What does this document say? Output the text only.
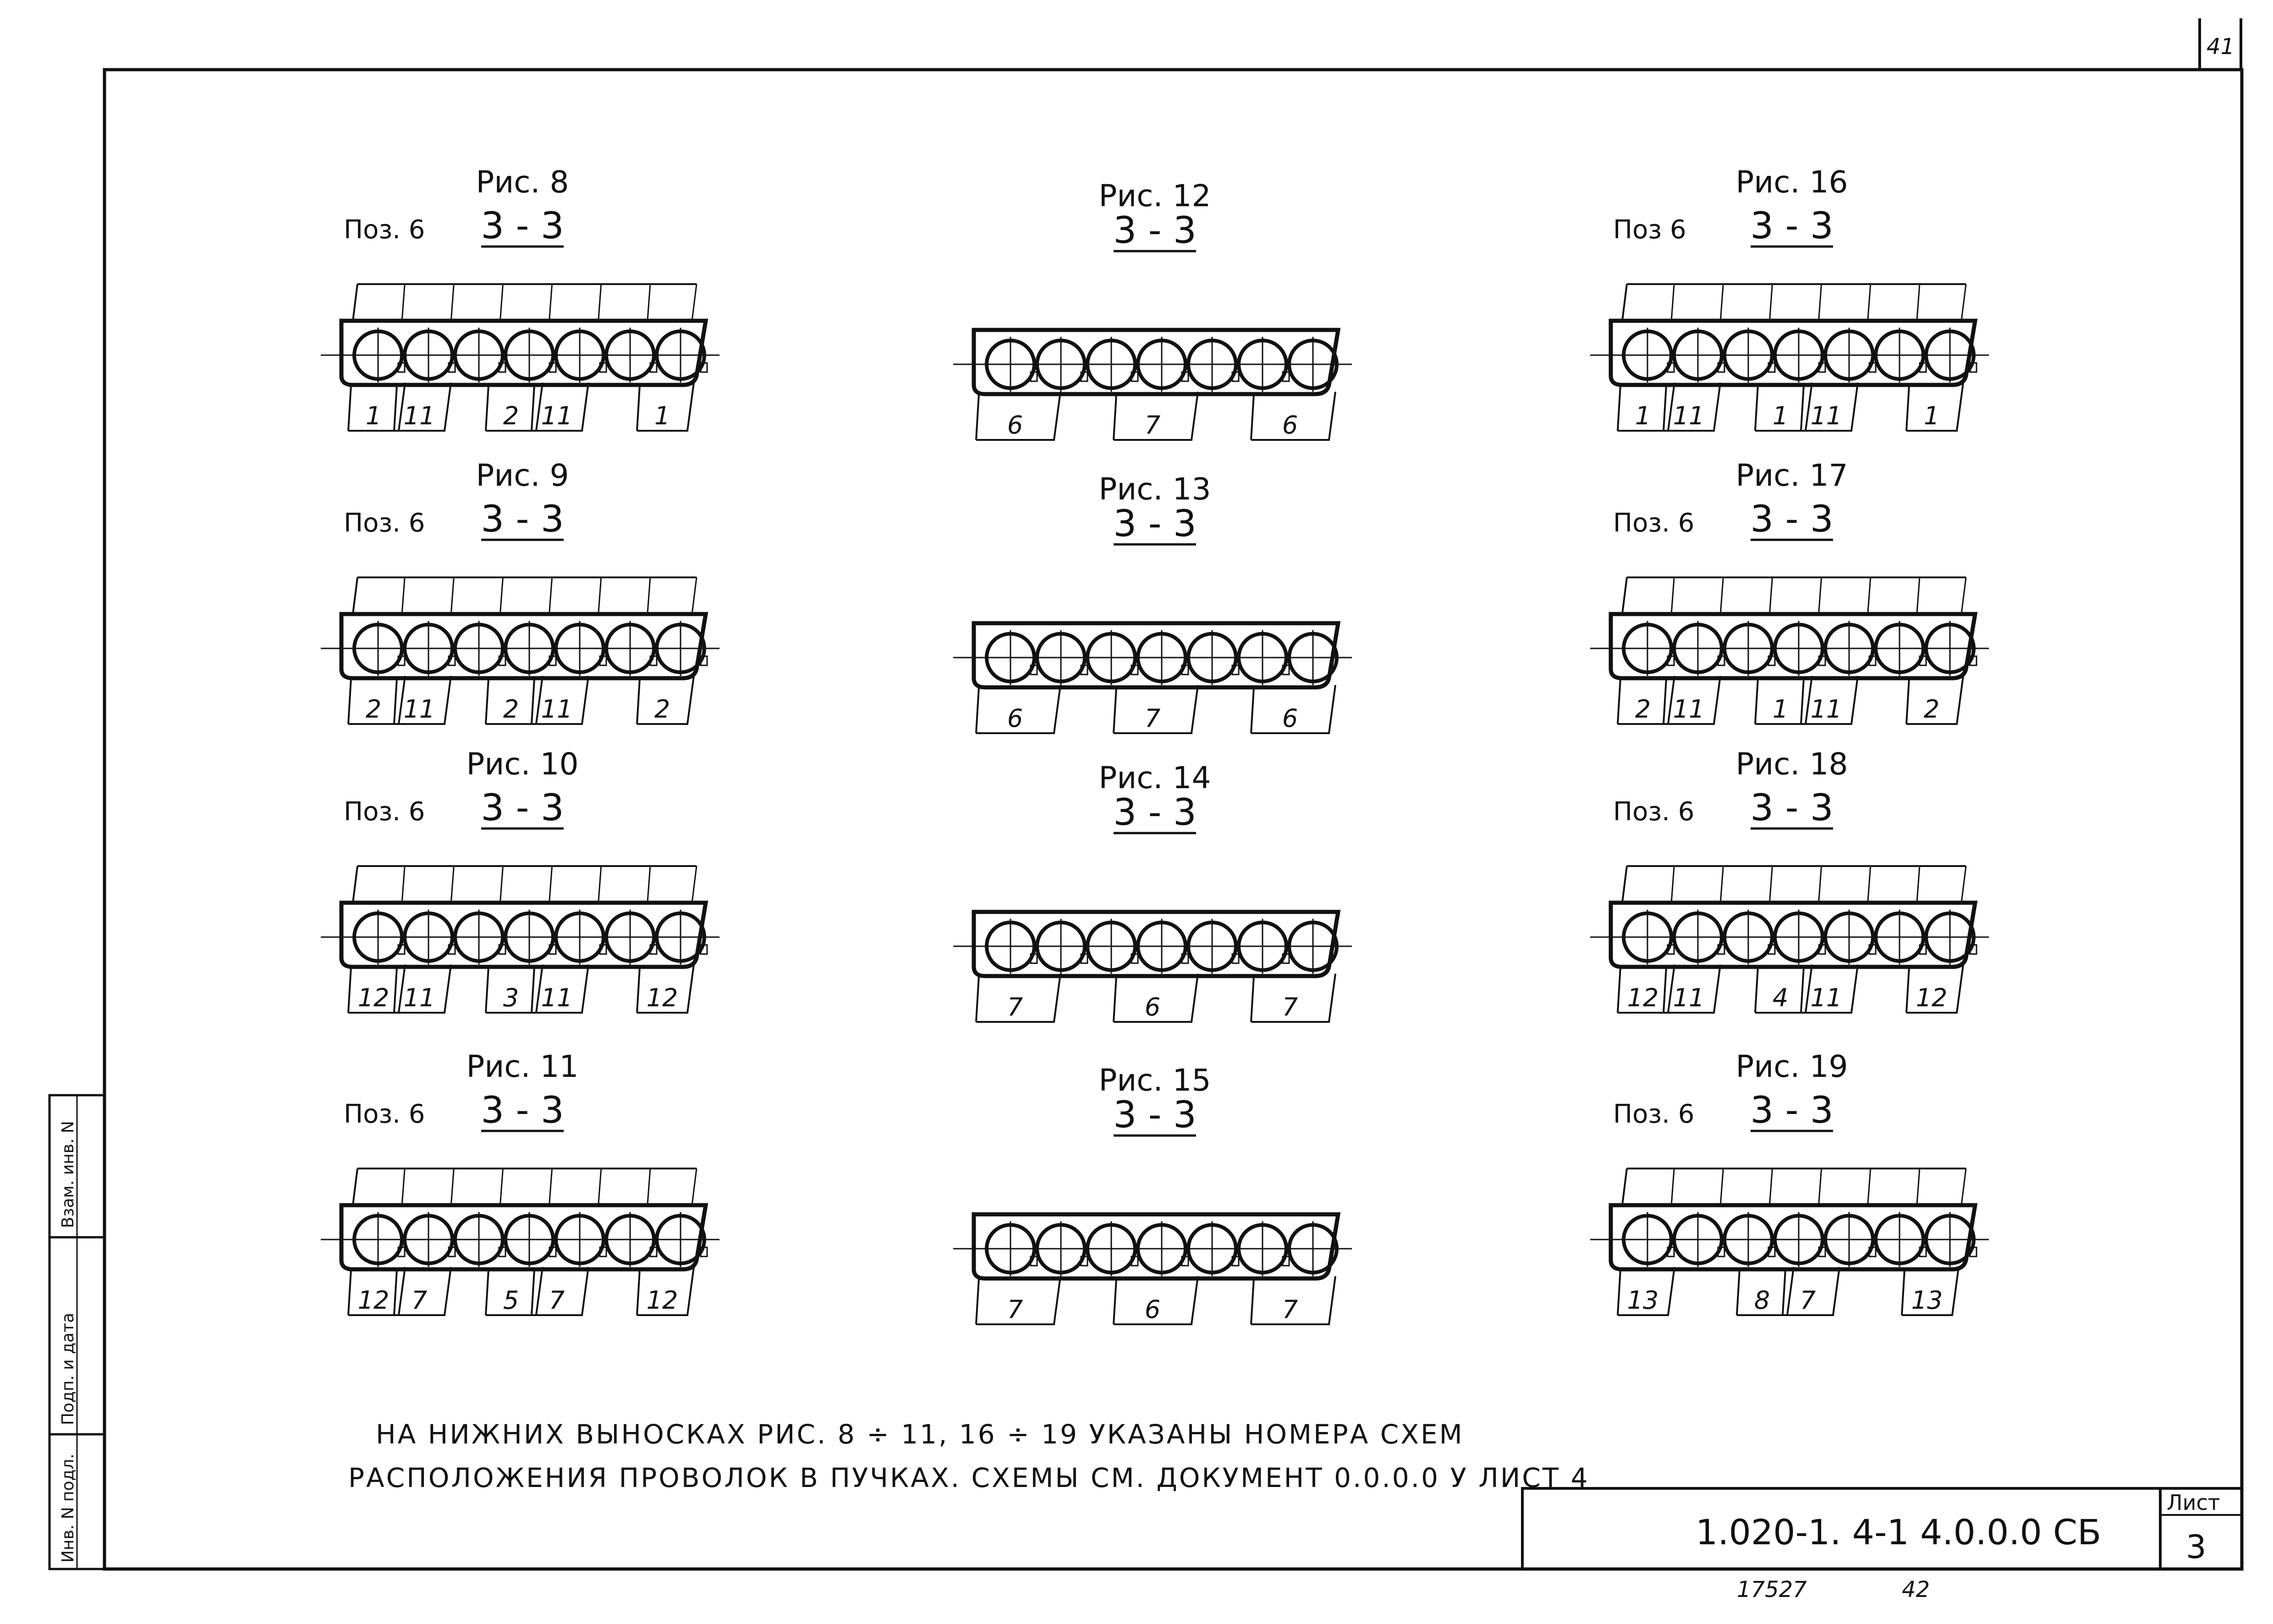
41
Инв. N подл.
Подп. и дата
Взам. инв. N
1.020-1. 4-1 4.0.0.0 СБ
Лист
3
17527	42
НА НИЖНИХ ВЫНОСКАХ РИС. 8 ÷ 11, 16 ÷ 19 УКАЗАНЫ НОМЕРА СХЕМ
РАСПОЛОЖЕНИЯ ПРОВОЛОК В ПУЧКАХ. СХЕМЫ СМ. ДОКУМЕНТ 0.0.0.0 У ЛИСТ 4
Рис. 8
3 - 3
Поз. 6
1 11	2 11	1
Рис. 9
3 - 3
Поз. 6
2 11	2 11	2
Рис. 10
3 - 3
Поз. 6
12 11	3 11	12
Рис. 11
3 - 3
Поз. 6
12 7	5 7	12
Рис. 12
3 - 3
6	7	6
Рис. 13
3 - 3
6	7	6
Рис. 14
3 - 3
7	6	7
Рис. 15
3 - 3
7	6	7
Рис. 16
3 - 3
Поз 6
1 11	1 11	1
Рис. 17
3 - 3
Поз. 6
2 11	1 11	2
Рис. 18
3 - 3
Поз. 6
12 11	4 11	12
Рис. 19
3 - 3
Поз. 6
13	8 7	13
